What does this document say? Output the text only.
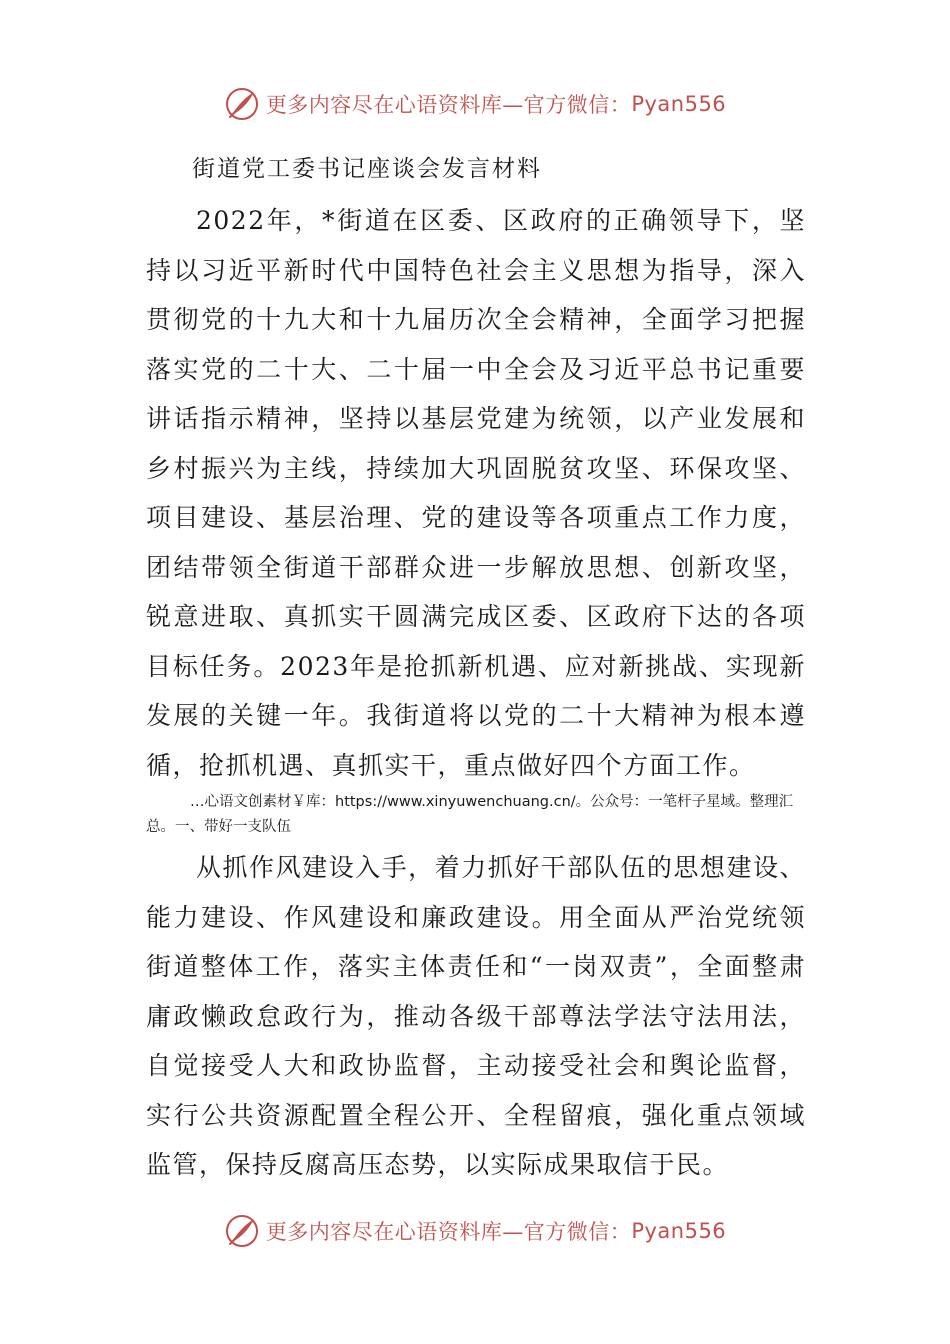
更多内容尽在心语资料库—官方微信： Pyan556
街道党工委书记座谈会发言材料

2022年，*街道在区委、区政府的正确领导下，坚持以习近平新时代中国特色社会主义思想为指导，深入贯彻党的十九大和十九届历次全会精神，全面学习把握落实党的二十大、二十届一中全会及习近平总书记重要讲话指示精神，坚持以基层党建为统领，以产业发展和乡村振兴为主线，持续加大巩固脱贫攻坚、环保攻坚、项目建设、基层治理、党的建设等各项重点工作力度，团结带领全街道干部群众进一步解放思想、创新攻坚，锐意进取、真抓实干圆满完成区委、区政府下达的各项目标任务。2023年是抢抓新机遇、应对新挑战、实现新发展的关键一年。我街道将以党的二十大精神为根本遵循，抢抓机遇、真抓实干，重点做好四个方面工作。

…心语文创素材￥库：https://www.xinyuwenchuang.cn/。公众号：一笔杆子星域。整理汇总。一、带好一支队伍

从抓作风建设入手，着力抓好干部队伍的思想建设、能力建设、作风建设和廉政建设。用全面从严治党统领街道整体工作，落实主体责任和“一岗双责”，全面整肃庸政懒政怠政行为，推动各级干部尊法学法守法用法，自觉接受人大和政协监督，主动接受社会和舆论监督，实行公共资源配置全程公开、全程留痕，强化重点领域监管，保持反腐高压态势，以实际成果取信于民。

更多内容尽在心语资料库—官方微信： Pyan556
